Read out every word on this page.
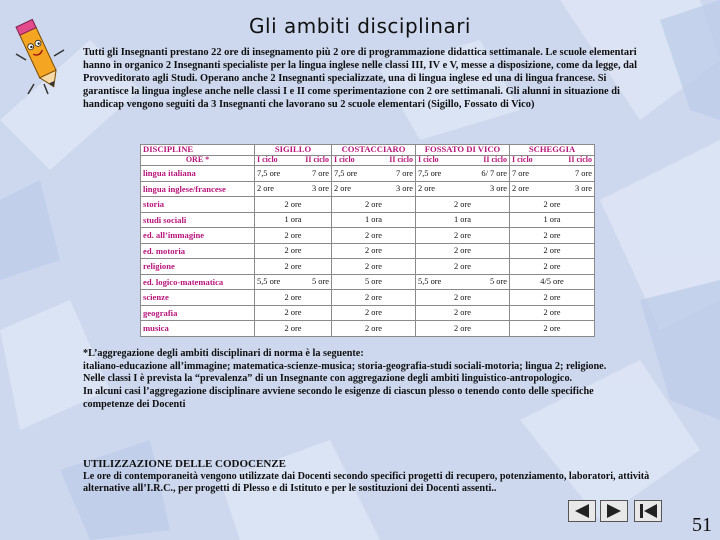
Gli ambiti disciplinari

Tutti gli Insegnanti prestano 22 ore di insegnamento più 2 ore di programmazione didattica settimanale. Le scuole elementari hanno in organico 2 Insegnanti specialiste per la lingua inglese nelle classi III, IV e V, messe a disposizione, come da legge, dal Provveditorato agli Studi. Operano anche 2 Insegnanti specializzate, una di lingua inglese ed una di lingua francese. Si garantisce la lingua inglese anche nelle classi I e II come sperimentazione con 2 ore settimanali. Gli alunni in situazione di handicap vengono seguiti da 3 Insegnanti che lavorano su 2 scuole elementari (Sigillo, Fossato di Vico)

DISCIPLINE	SIGILLO	COSTACCIARO	FOSSATO DI VICO	SCHEGGIA
ORE *	I ciclo II ciclo	I ciclo II ciclo	I ciclo II ciclo	I ciclo II ciclo

lingua italiana	7,5 ore 7 ore	7,5 ore 7 ore	7,5 ore 6/ 7 ore	7 ore 7 ore

lingua inglese/francese	2 ore 3 ore	2 ore 3 ore	2 ore 3 ore	2 ore 3 ore

storia	2 ore	2 ore	2 ore	2 ore
studi sociali	1 ora	1 ora	1 ora	1 ora
ed. all’immagine	2 ore	2 ore	2 ore	2 ore
ed. motoria	2 ore	2 ore	2 ore	2 ore
religione	2 ore	2 ore	2 ore	2 ore
ed. logico-matematica	5,5 ore 5 ore	5 ore	5,5 ore 5 ore	4/5 ore
scienze	2 ore	2 ore	2 ore	2 ore
geografia	2 ore	2 ore	2 ore	2 ore
musica	2 ore	2 ore	2 ore	2 ore

*L’aggregazione degli ambiti disciplinari di norma è la seguente:

italiano-educazione all’immagine; matematica-scienze-musica; storia-geografia-studi sociali-motoria; lingua 2; religione.

Nelle classi I è prevista la “prevalenza” di un Insegnante con aggregazione degli ambiti linguistico-antropologico.

In alcuni casi l’aggregazione disciplinare avviene secondo le esigenze di ciascun plesso o tenendo conto delle specifiche competenze dei Docenti

UTILIZZAZIONE DELLE CODOCENZE

Le ore di contemporaneità vengono utilizzate dai Docenti secondo specifici progetti di recupero, potenziamento, laboratori, attività alternative all’I.R.C., per progetti di Plesso e di Istituto e per le sostituzioni dei Docenti assenti..

51
